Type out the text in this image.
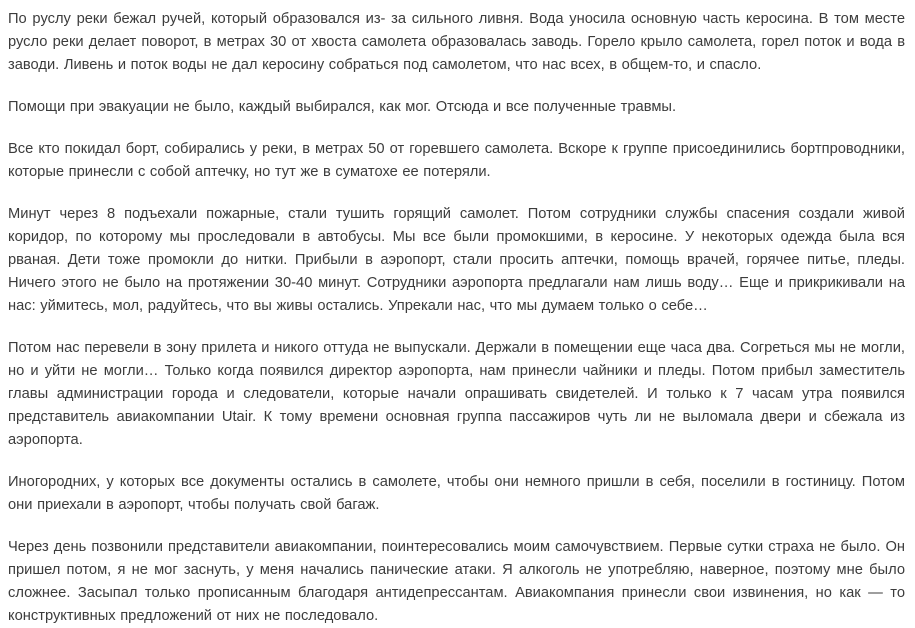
По руслу реки бежал ручей, который образовался из- за сильного ливня. Вода уносила основную часть керосина. В том месте русло реки делает поворот, в метрах 30 от хвоста самолета образовалась заводь. Горело крыло самолета, горел поток и вода в заводи. Ливень и поток воды не дал керосину собраться под самолетом, что нас всех, в общем-то, и спасло.

Помощи при эвакуации не было, каждый выбирался, как мог. Отсюда и все полученные травмы.

Все кто покидал борт, собирались у реки, в метрах 50 от горевшего самолета. Вскоре к группе присоединились бортпроводники, которые принесли с собой аптечку, но тут же в суматохе ее потеряли.

Минут через 8 подъехали пожарные, стали тушить горящий самолет. Потом сотрудники службы спасения создали живой коридор, по которому мы проследовали в автобусы. Мы все были промокшими, в керосине. У некоторых одежда была вся рваная. Дети тоже промокли до нитки. Прибыли в аэропорт, стали просить аптечки, помощь врачей, горячее питье, пледы. Ничего этого не было на протяжении 30-40 минут. Сотрудники аэропорта предлагали нам лишь воду… Еще и прикрикивали на нас: уймитесь, мол, радуйтесь, что вы живы остались. Упрекали нас, что мы думаем только о себе…

Потом нас перевели в зону прилета и никого оттуда не выпускали. Держали в помещении еще часа два. Согреться мы не могли, но и уйти не могли… Только когда появился директор аэропорта, нам принесли чайники и пледы. Потом прибыл заместитель главы администрации города и следователи, которые начали опрашивать свидетелей. И только к 7 часам утра появился представитель авиакомпании Utair. К тому времени основная группа пассажиров чуть ли не выломала двери и сбежала из аэропорта.

Иногородних, у которых все документы остались в самолете, чтобы они немного пришли в себя, поселили в гостиницу. Потом они приехали в аэропорт, чтобы получать свой багаж.

Через день позвонили представители авиакомпании, поинтересовались моим самочувствием. Первые сутки страха не было. Он пришел потом, я не мог заснуть, у меня начались панические атаки. Я алкоголь не употребляю, наверное, поэтому мне было сложнее. Засыпал только прописанным благодаря антидепрессантам. Авиакомпания принесли свои извинения, но как — то конструктивных предложений от них не последовало.
